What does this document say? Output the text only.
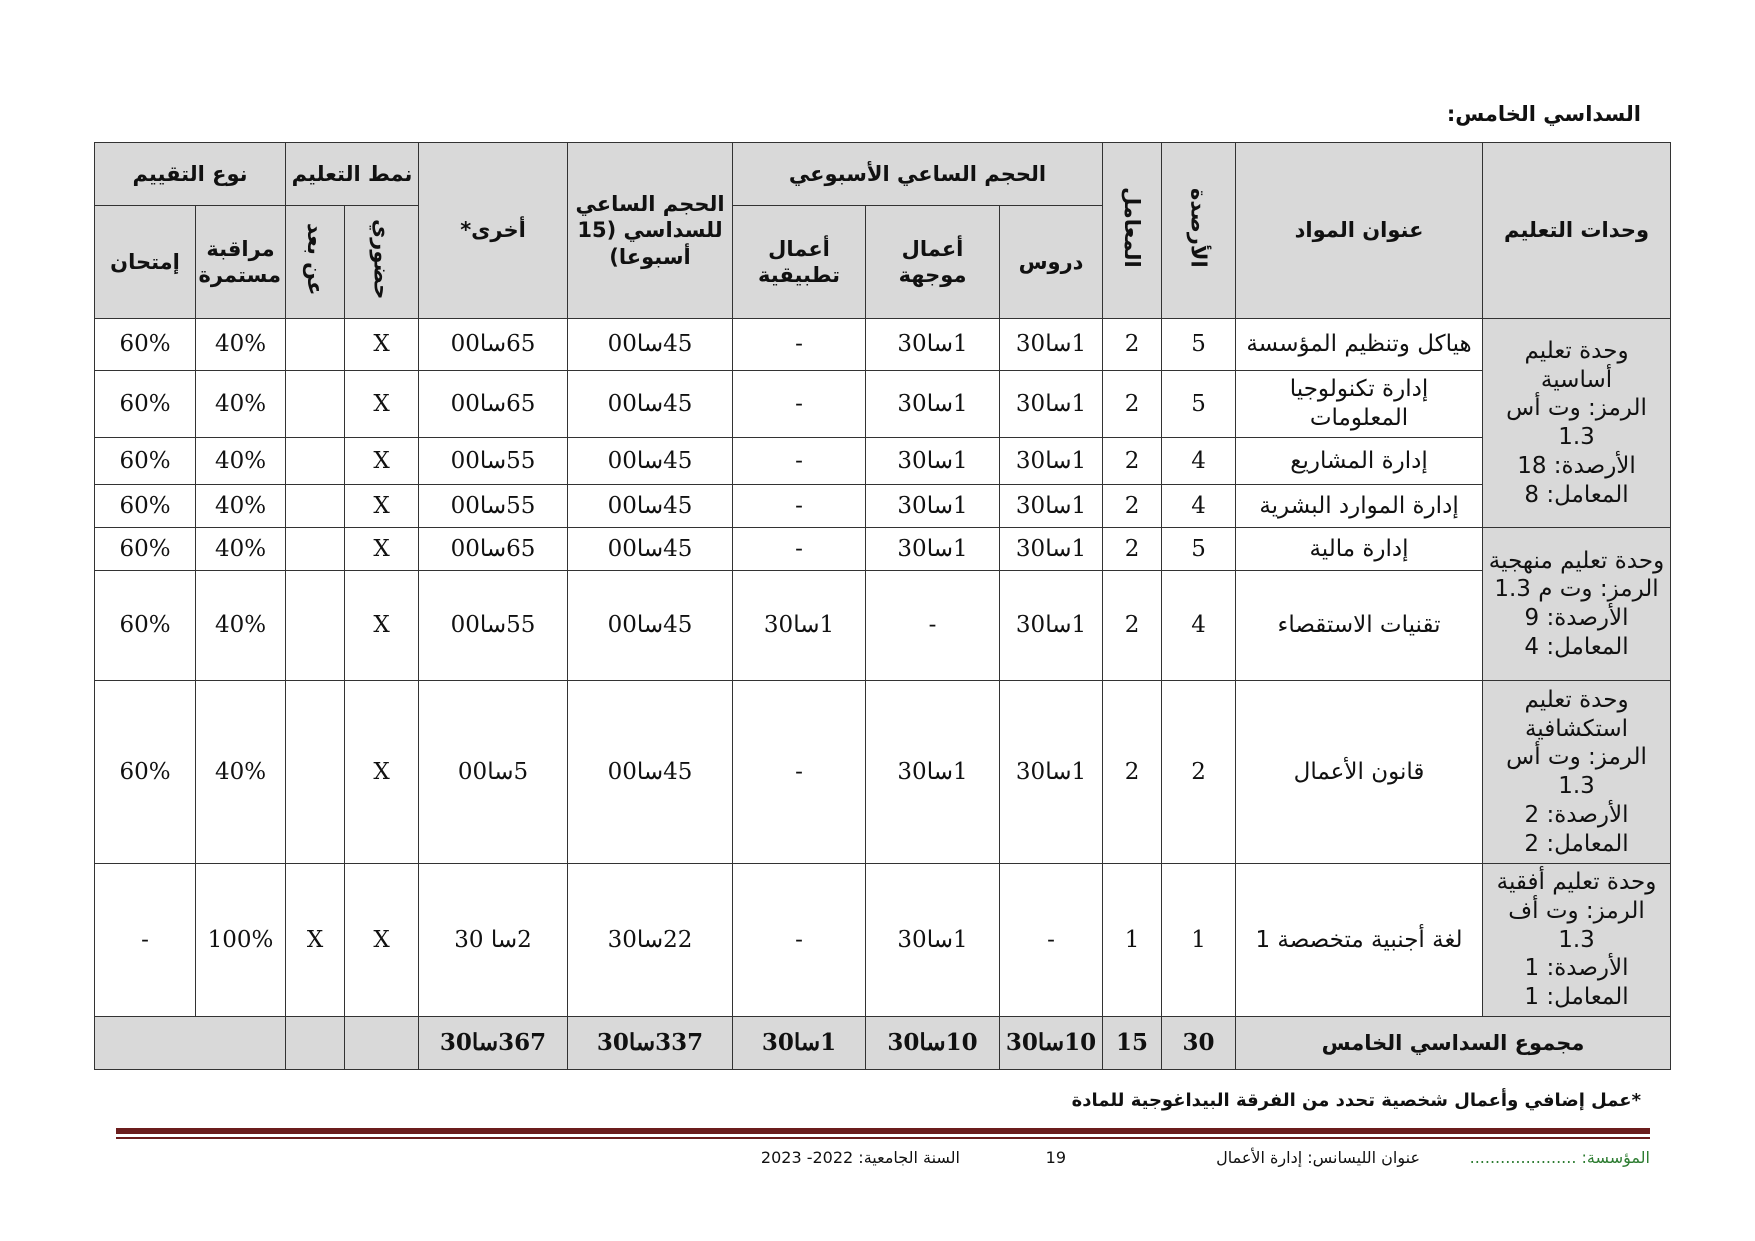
السداسي الخامس:
وحدات التعليم	عنوان المواد	الأرصدة	المعامل	الحجم الساعي الأسبوعي			الحجم الساعي للسداسي (15 أسبوعا)	أخرى*	نمط التعليم		نوع التقييم	
				دروس	أعمال موجهة	أعمال تطبيقية			حضوري	عن بعد	مراقبة مستمرة	إمتحان

وحدة تعليم أساسية
الرمز: وت أس 1.3
الأرصدة: 18
المعامل: 8	هياكل وتنظيم المؤسسة	5	2	1سا30	1سا30	-	45سا00	65سا00	X		40%	60%
	إدارة تكنولوجيا المعلومات	5	2	1سا30	1سا30	-	45سا00	65سا00	X		40%	60%
	إدارة المشاريع	4	2	1سا30	1سا30	-	45سا00	55سا00	X		40%	60%
	إدارة الموارد البشرية	4	2	1سا30	1سا30	-	45سا00	55سا00	X		40%	60%

وحدة تعليم منهجية
الرمز: وت م 1.3
الأرصدة: 9
المعامل: 4	إدارة مالية	5	2	1سا30	1سا30	-	45سا00	65سا00	X		40%	60%
	تقنيات الاستقصاء	4	2	1سا30	-	1سا30	45سا00	55سا00	X		40%	60%

وحدة تعليم استكشافية
الرمز: وت أس 1.3
الأرصدة: 2
المعامل: 2	قانون الأعمال	2	2	1سا30	1سا30	-	45سا00	5سا00	X		40%	60%

وحدة تعليم أفقية
الرمز: وت أف 1.3
الأرصدة: 1
المعامل: 1	لغة أجنبية متخصصة 1	1	1	-	1سا30	-	22سا30	2سا 30	X	X	100%	-
مجموع السداسي الخامس		30	15	10سا30	10سا30	1سا30	337سا30	367سا30				
*عمل إضافي وأعمال شخصية تحدد من الفرقة البيداغوجية للمادة
المؤسسة: .....................
عنوان الليسانس: إدارة الأعمال
19
السنة الجامعية: 2022- 2023
